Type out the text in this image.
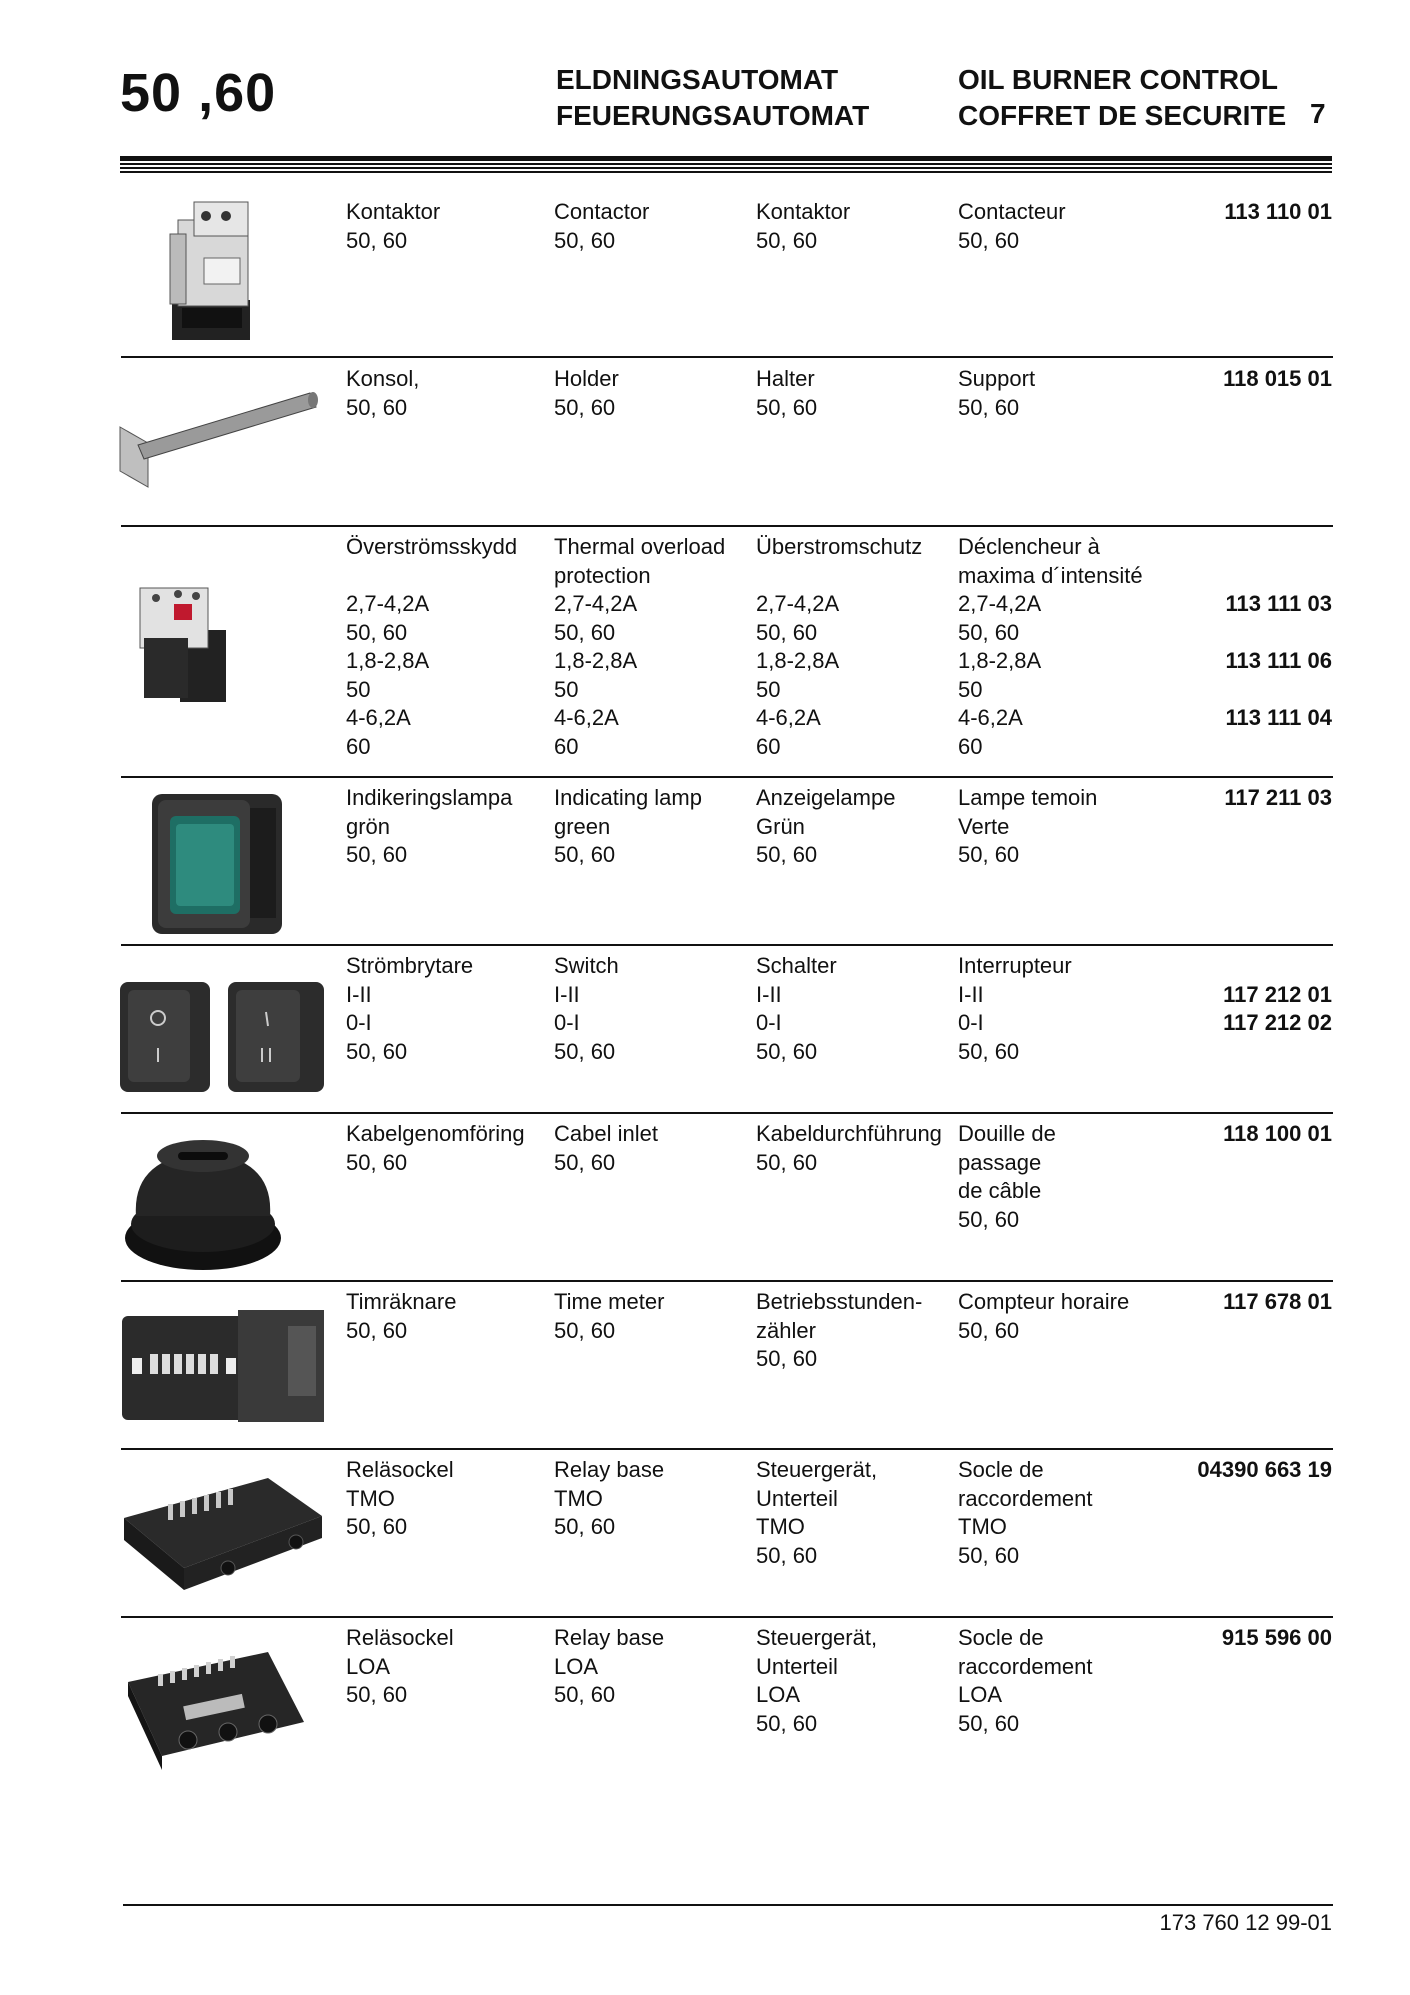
50 ,60	ELDNINGSAUTOMAT
FEUERUNGSAUTOMAT
OIL BURNER CONTROL
COFFRET DE SECURITE 7
Kontaktor
50, 60
Contactor
50, 60
Kontaktor
50, 60
Contacteur
50, 60
113 110 01
Konsol,
50, 60
Holder
50, 60
Halter
50, 60
Support
50, 60
118 015 01
Överströmsskydd

2,7-4,2A
50, 60
1,8-2,8A
50
4-6,2A
60
Thermal overload
protection
2,7-4,2A
50, 60
1,8-2,8A
50
4-6,2A
60
Überstromschutz

2,7-4,2A
50, 60
1,8-2,8A
50
4-6,2A
60
Déclencheur à
maxima d´intensité
2,7-4,2A
50, 60
1,8-2,8A
50
4-6,2A
60

113 111 03

113 111 06

113 111 04
Indikeringslampa
grön
50, 60
Indicating lamp
green
50, 60
Anzeigelampe
Grün
50, 60
Lampe temoin
Verte
50, 60
117 211 03
Strömbrytare
I-II
0-I
50, 60
Switch
I-II
0-I
50, 60
Schalter
I-II
0-I
50, 60
Interrupteur
I-II
0-I
50, 60

117 212 01
117 212 02
Kabelgenomföring
50, 60
Cabel inlet
50, 60
Kabeldurchführung
50, 60
Douille de
passage
de câble
50, 60
118 100 01
Timräknare
50, 60
Time meter
50, 60
Betriebsstunden-
zähler
50, 60
Compteur horaire
50, 60
117 678 01
Reläsockel
TMO
50, 60
Relay base
TMO
50, 60
Steuergerät,
Unterteil
TMO
50, 60
Socle de
raccordement
TMO
50, 60
04390 663 19
Reläsockel
LOA
50, 60
Relay base
LOA
50, 60
Steuergerät,
Unterteil
LOA
50, 60
Socle de
raccordement
LOA
50, 60
915 596 00
173 760 12 99-01
